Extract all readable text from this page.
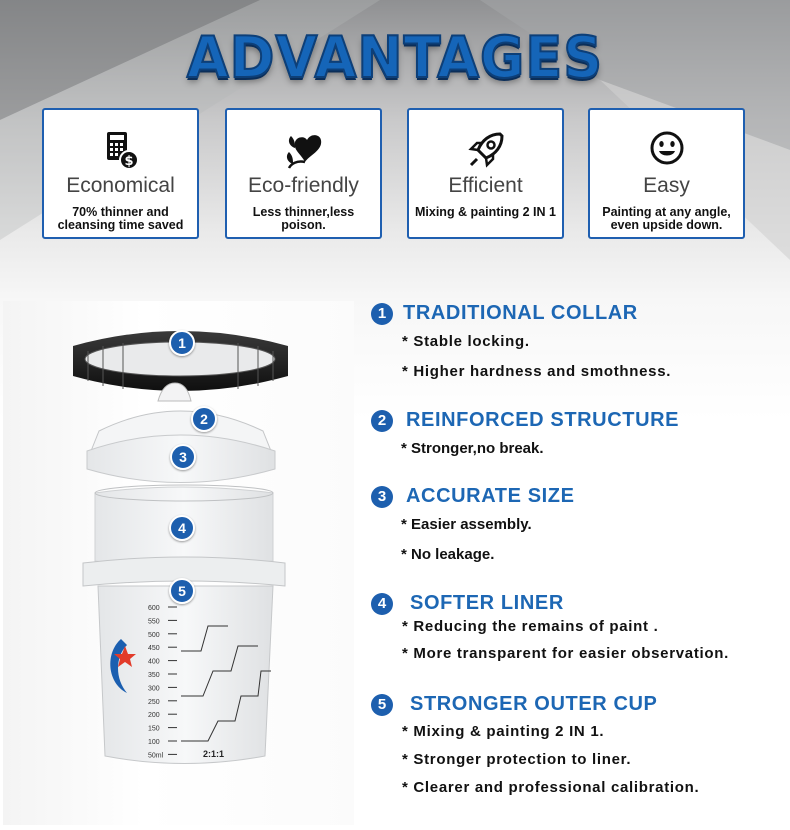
ADVANTAGES
$
Economical
70% thinner and cleansing time saved
Eco-friendly
Less thinner,less poison.
Efficient
Mixing & painting 2 IN 1
Easy
Painting at any angle, even upside down.
600
550
500
450
400
350
300
250
200
150
100
50ml	2:1:1
1
2
3
4
5
1 TRADITIONAL COLLAR
* Stable locking.
* Higher hardness and smothness.
2 REINFORCED STRUCTURE
* Stronger,no break.
3 ACCURATE SIZE
* Easier assembly.
* No leakage.
4	SOFTER LINER
* Reducing the remains of paint .
* More transparent for easier observation.
5	STRONGER OUTER CUP
* Mixing & painting 2 IN 1.
* Stronger protection to liner.
* Clearer and professional calibration.
